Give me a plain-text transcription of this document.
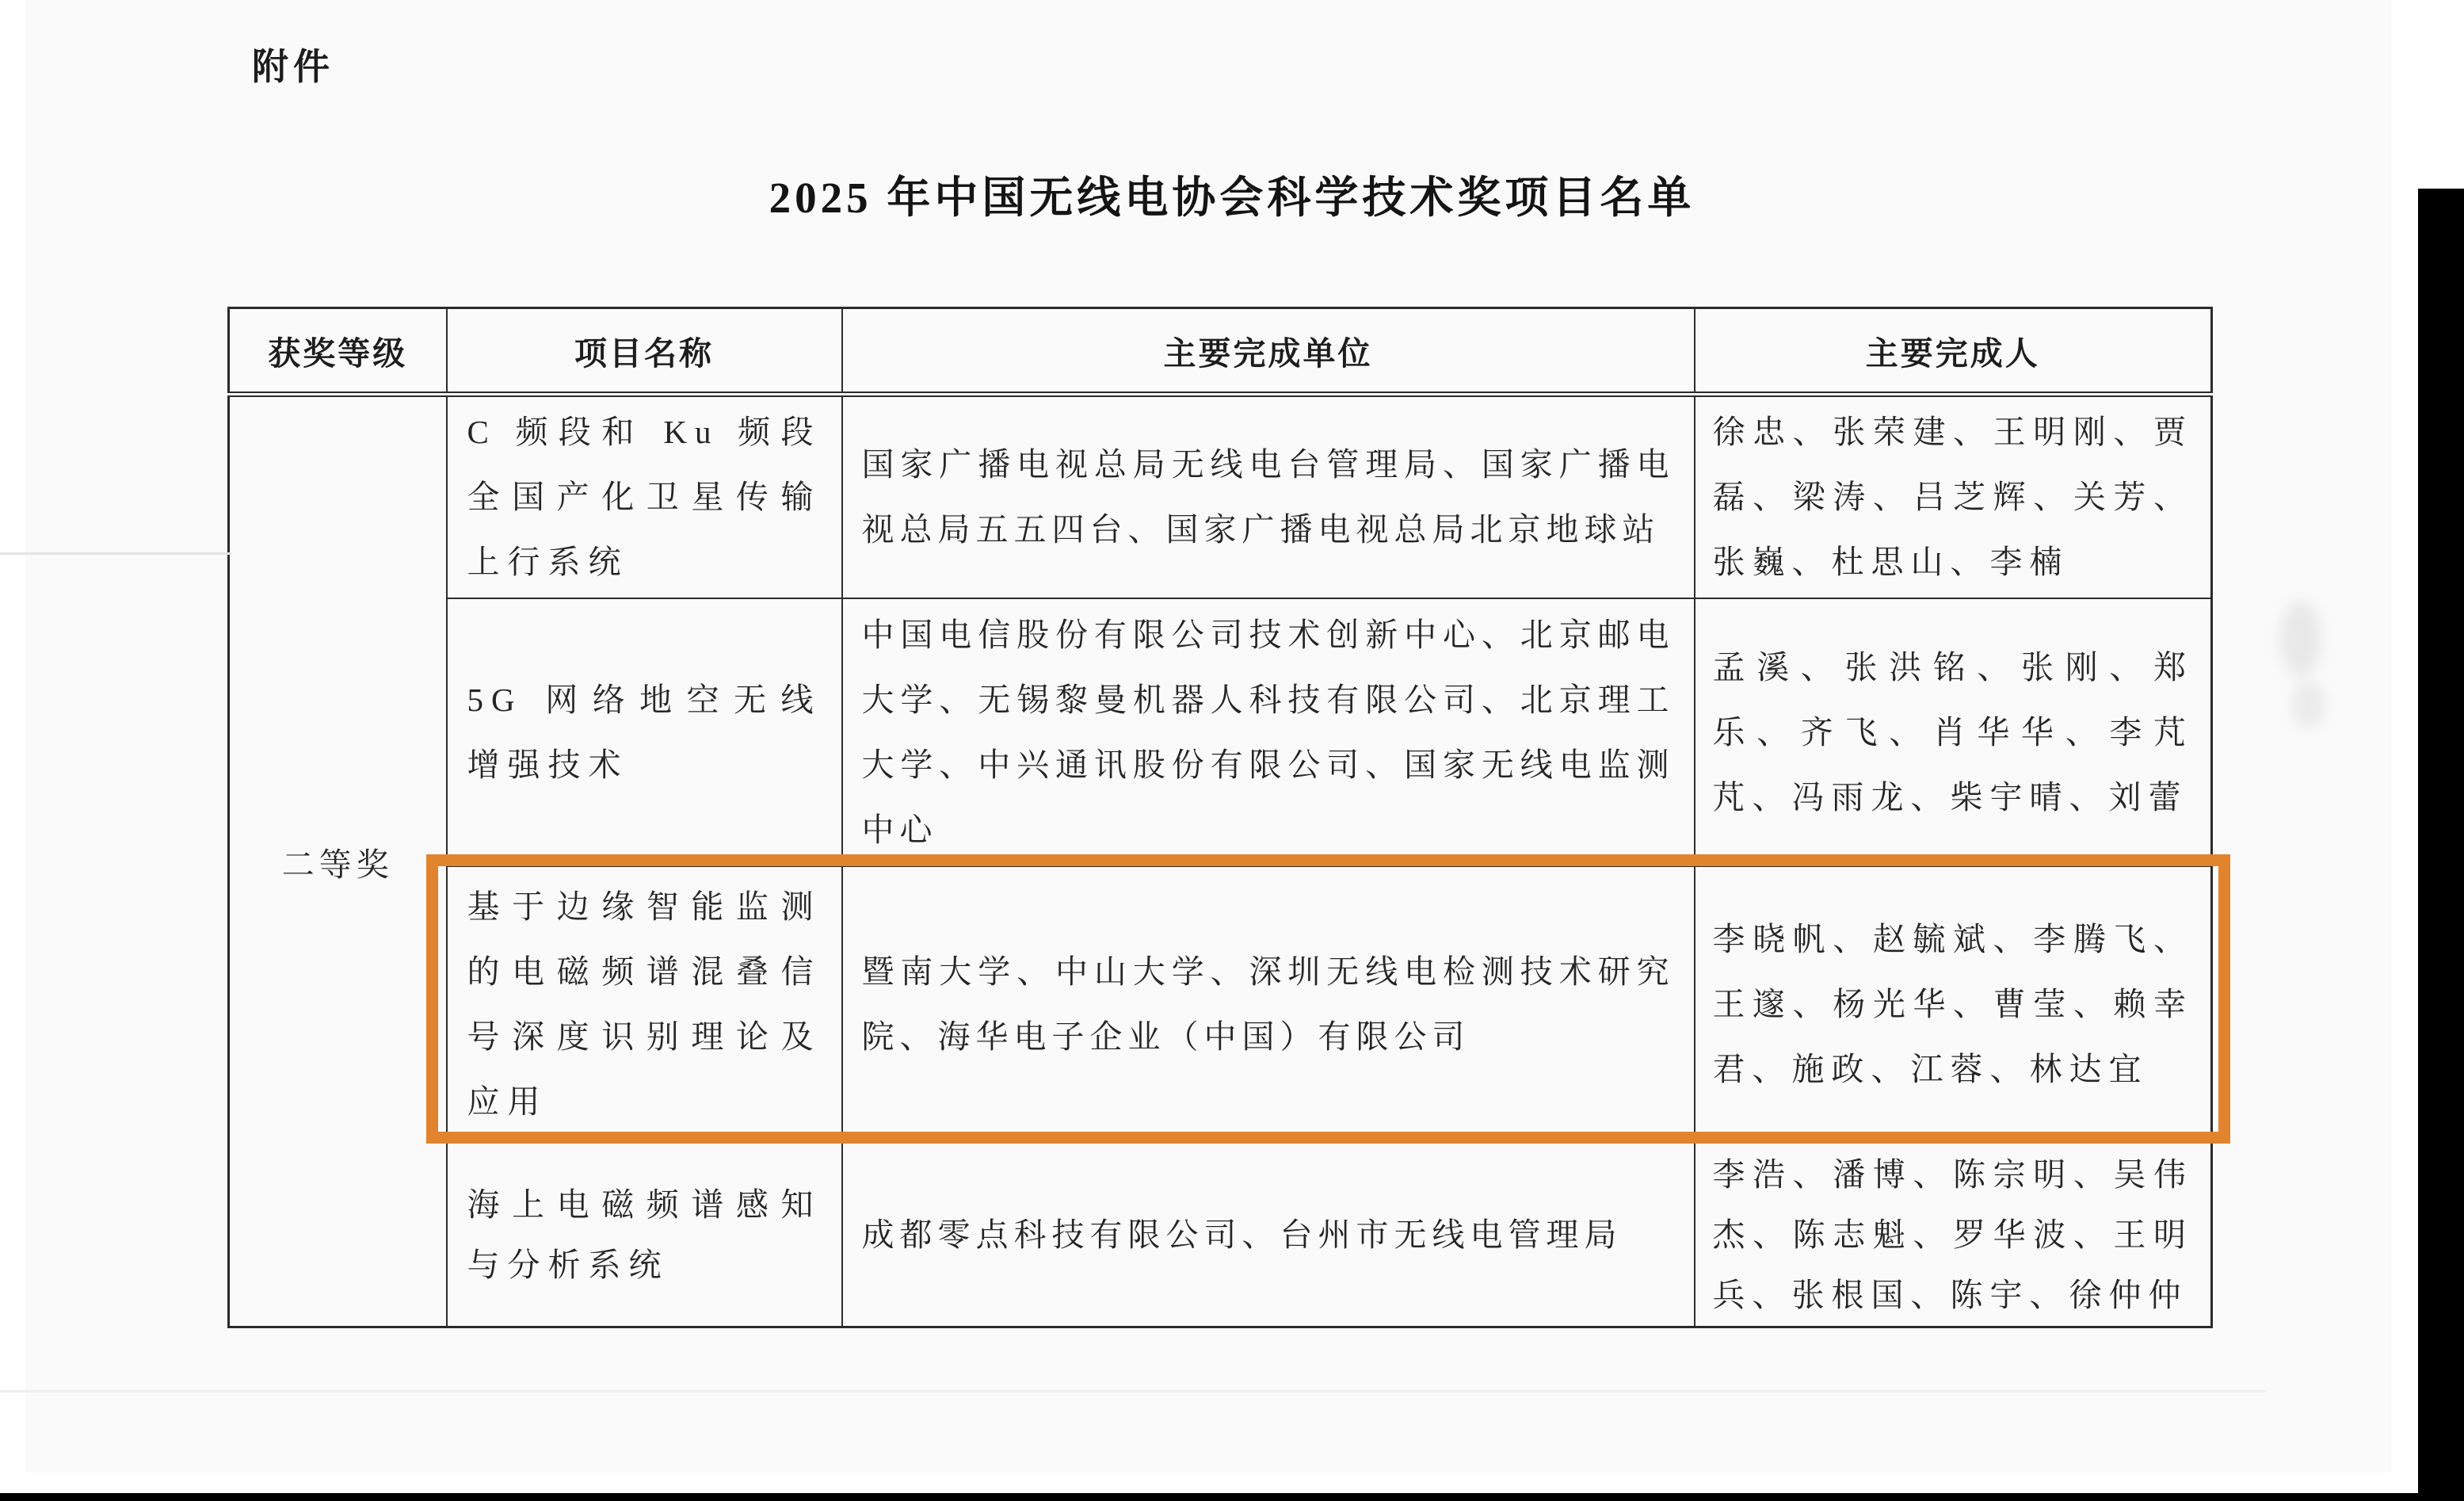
附件
2025 年中国无线电协会科学技术奖项目名单
获奖等级	项目名称	主要完成单位	主要完成人
二等奖	C 频段和 Ku 频段全国产化卫星传输上行系统	国家广播电视总局无线电台管理局、国家广播电视总局五五四台、国家广播电视总局北京地球站	徐忠、张荣建、王明刚、贾磊、梁涛、吕芝辉、关芳、张巍、杜思山、李楠
	5G 网络地空无线增强技术	中国电信股份有限公司技术创新中心、北京邮电大学、无锡黎曼机器人科技有限公司、北京理工大学、中兴通讯股份有限公司、国家无线电监测中心	孟溪、张洪铭、张刚、郑乐、齐飞、肖华华、李芃芃、冯雨龙、柴宇晴、刘蕾
	基于边缘智能监测的电磁频谱混叠信号深度识别理论及应用	暨南大学、中山大学、深圳无线电检测技术研究院、海华电子企业（中国）有限公司	李晓帆、赵毓斌、李腾飞、王邃、杨光华、曹莹、赖幸君、施政、江蓉、林达宜
	海上电磁频谱感知与分析系统	成都零点科技有限公司、台州市无线电管理局	李浩、潘博、陈宗明、吴伟杰、陈志魁、罗华波、王明兵、张根国、陈宇、徐仲仲
